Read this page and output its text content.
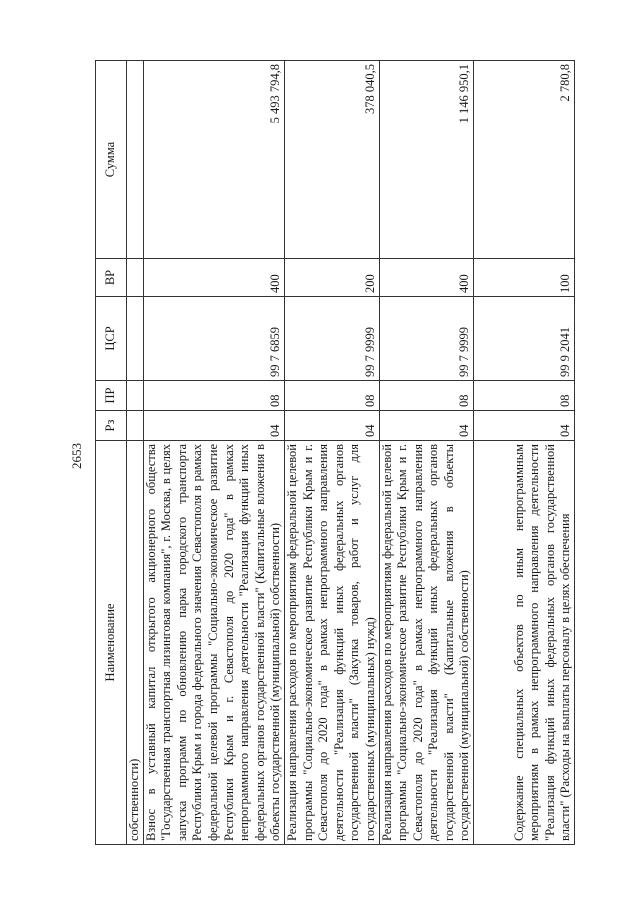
2653
Наименование	Рз	ПР	ЦСР	ВР	Сумма
собственности)					
Взнос в уставный капитал открытого акционерного общества "Государственная транспортная лизинговая компания", г. Москва, в целях запуска программ по обновлению парка городского транспорта Республики Крым и города федерального значения Севастополя в рамках федеральной целевой программы "Социально-экономическое развитие Республики Крым и г. Севастополя до 2020 года" в рамках непрограммного направления деятельности "Реализация функций иных федеральных органов государственной власти" (Капитальные вложения в объекты государственной (муниципальной) собственности)	04	08	99 7 6859	400	5 493 794,8
Реализация направления расходов по мероприятиям федеральной целевой программы "Социально-экономическое развитие Республики Крым и г. Севастополя до 2020 года" в рамках непрограммного направления деятельности "Реализация функций иных федеральных органов государственной власти" (Закупка товаров, работ и услуг для государственных (муниципальных) нужд)	04	08	99 7 9999	200	378 040,5
Реализация направления расходов по мероприятиям федеральной целевой программы "Социально-экономическое развитие Республики Крым и г. Севастополя до 2020 года" в рамках непрограммного направления деятельности "Реализация функций иных федеральных органов государственной власти" (Капитальные вложения в объекты государственной (муниципальной) собственности)	04	08	99 7 9999	400	1 146 950,1
Содержание специальных объектов по иным непрограммным мероприятиям в рамках непрограммного направления деятельности "Реализация функций иных федеральных органов государственной власти" (Расходы на выплаты персоналу в целях обеспечения	04	08	99 9 2041	100	2 780,8
